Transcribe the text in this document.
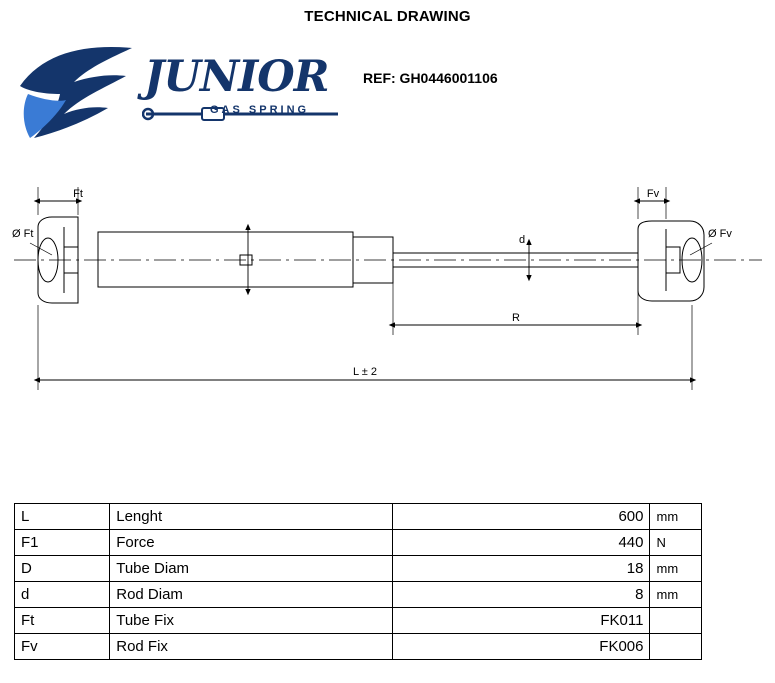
TECHNICAL DRAWING
REF: GH0446001106
JUNIOR
GAS SPRING
Ft	Fv
Ø Ft	Ø Fv
d
R
L ± 2
L	Lenght	600	mm
F1	Force	440	N
D	Tube Diam	18	mm
d	Rod Diam	8	mm
Ft	Tube Fix	FK011	
Fv	Rod Fix	FK006	
